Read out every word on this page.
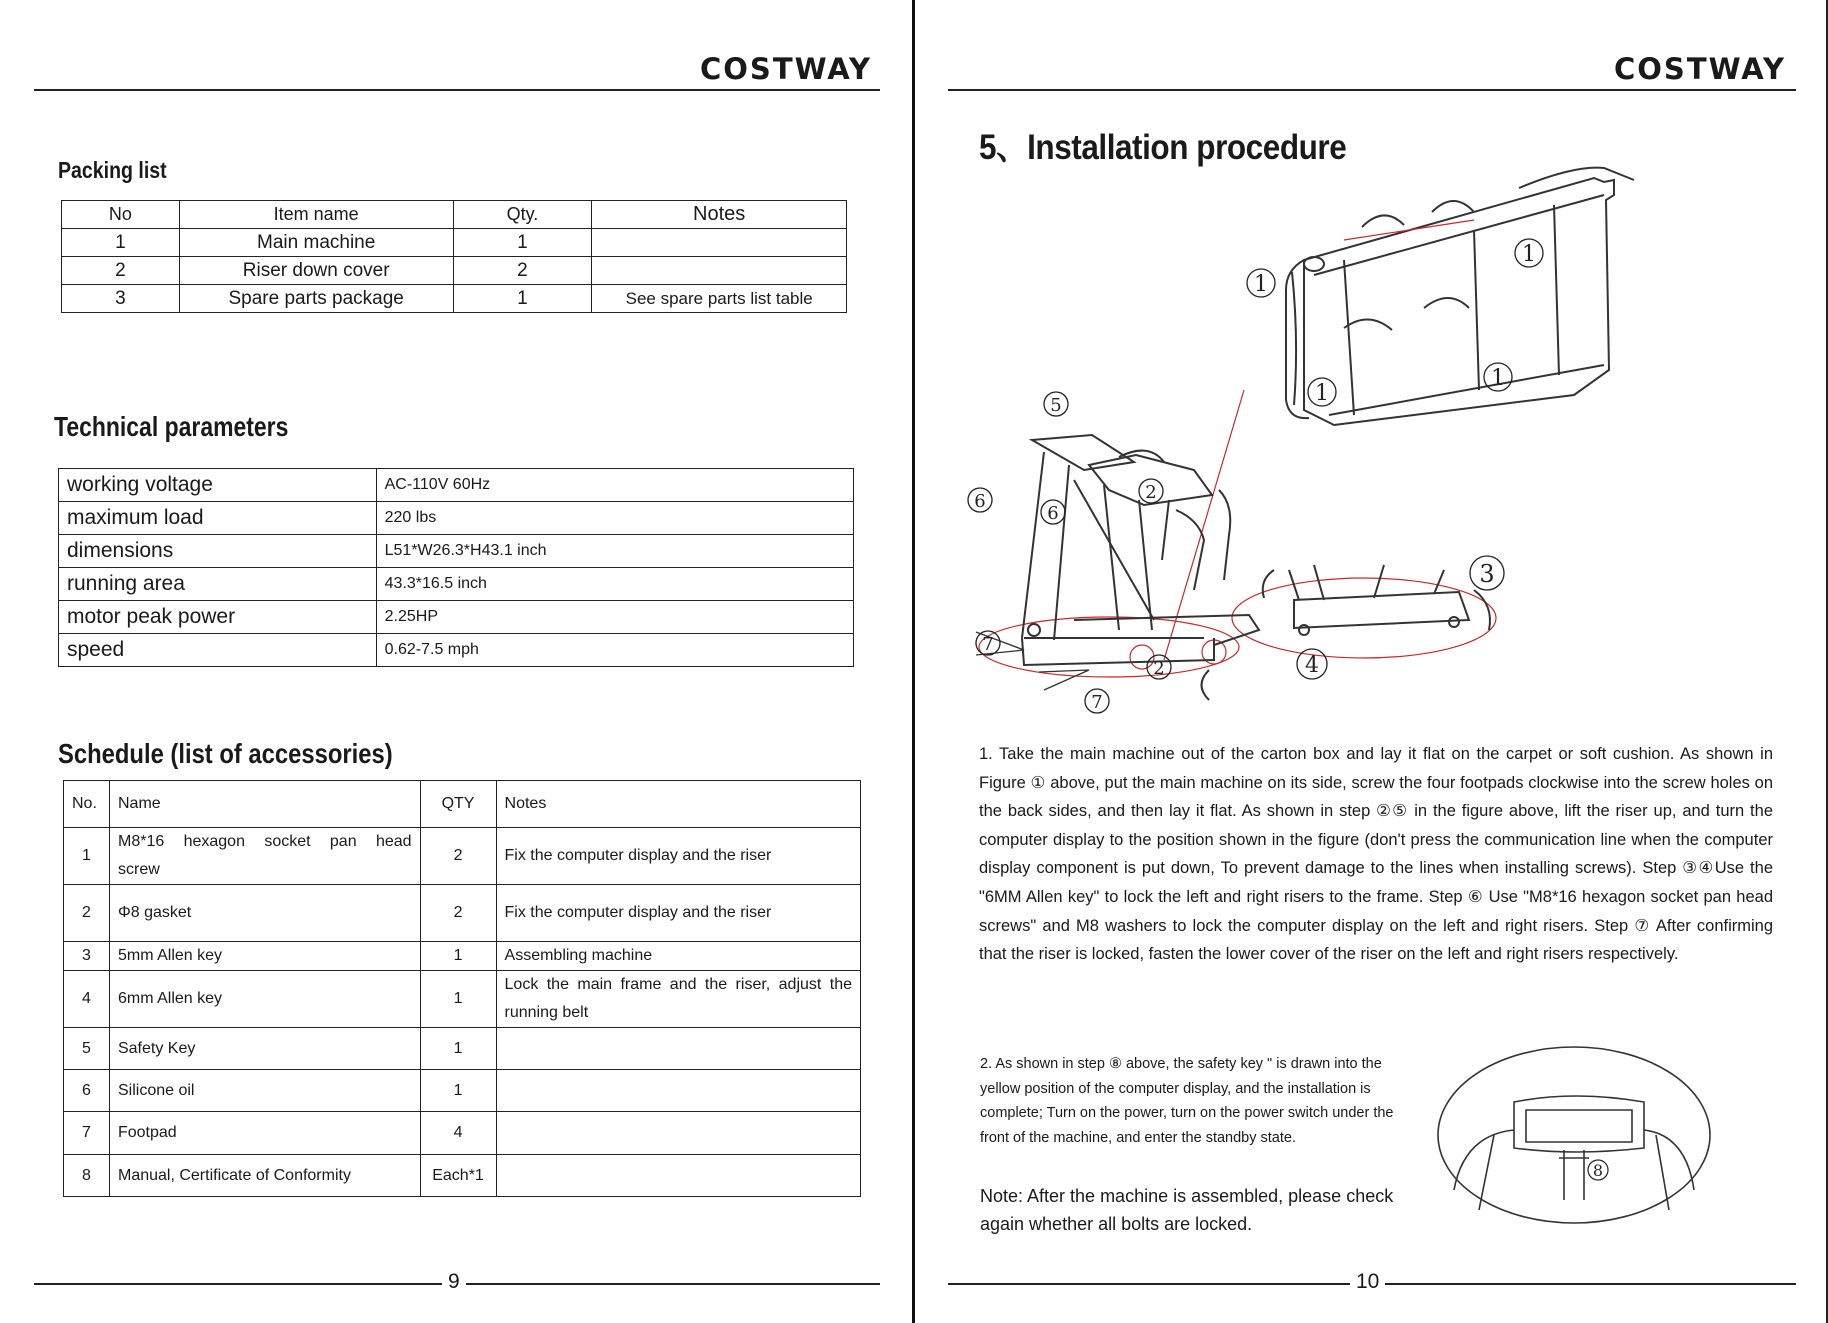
COSTWAY
Packing list
No	Item name	Qty.	Notes
1	Main machine	1	
2	Riser down cover	2	
3	Spare parts package	1	See spare parts list table
Technical parameters
working voltage	AC-110V 60Hz
maximum load	220 lbs
dimensions	L51*W26.3*H43.1 inch
running area	43.3*16.5 inch
motor peak power	2.25HP
speed	0.62-7.5 mph
Schedule (list of accessories)
No.	Name	QTY	Notes
1	M8*16 hexagon socket pan head screw	2	Fix the computer display and the riser
2	Φ8 gasket	2	Fix the computer display and the riser
3	5mm Allen key	1	Assembling machine
4	6mm Allen key	1	Lock the main frame and the riser, adjust the running belt
5	Safety Key	1	
6	Silicone oil	1	
7	Footpad	4	
8	Manual, Certificate of Conformity	Each*1	
9
COSTWAY
5、Installation procedure
1
1
1
1
2
2
3
4
5
6
6
7
7
1. Take the main machine out of the carton box and lay it flat on the carpet or soft cushion. As shown in Figure ① above, put the main machine on its side, screw the four footpads clockwise into the screw holes on the back sides, and then lay it flat. As shown in step ②⑤ in the figure above, lift the riser up, and turn the computer display to the position shown in the figure (don't press the communication line when the computer display component is put down, To prevent damage to the lines when installing screws). Step ③④Use the "6MM Allen key" to lock the left and right risers to the frame. Step ⑥ Use "M8*16 hexagon socket pan head screws" and M8 washers to lock the computer display on the left and right risers. Step ⑦ After confirming that the riser is locked, fasten the lower cover of the riser on the left and right risers respectively.
2. As shown in step ⑧ above, the safety key " is drawn into the yellow position of the computer display, and the installation is complete; Turn on the power, turn on the power switch under the front of the machine, and enter the standby state.
Note: After the machine is assembled, please check again whether all bolts are locked.
8
10
